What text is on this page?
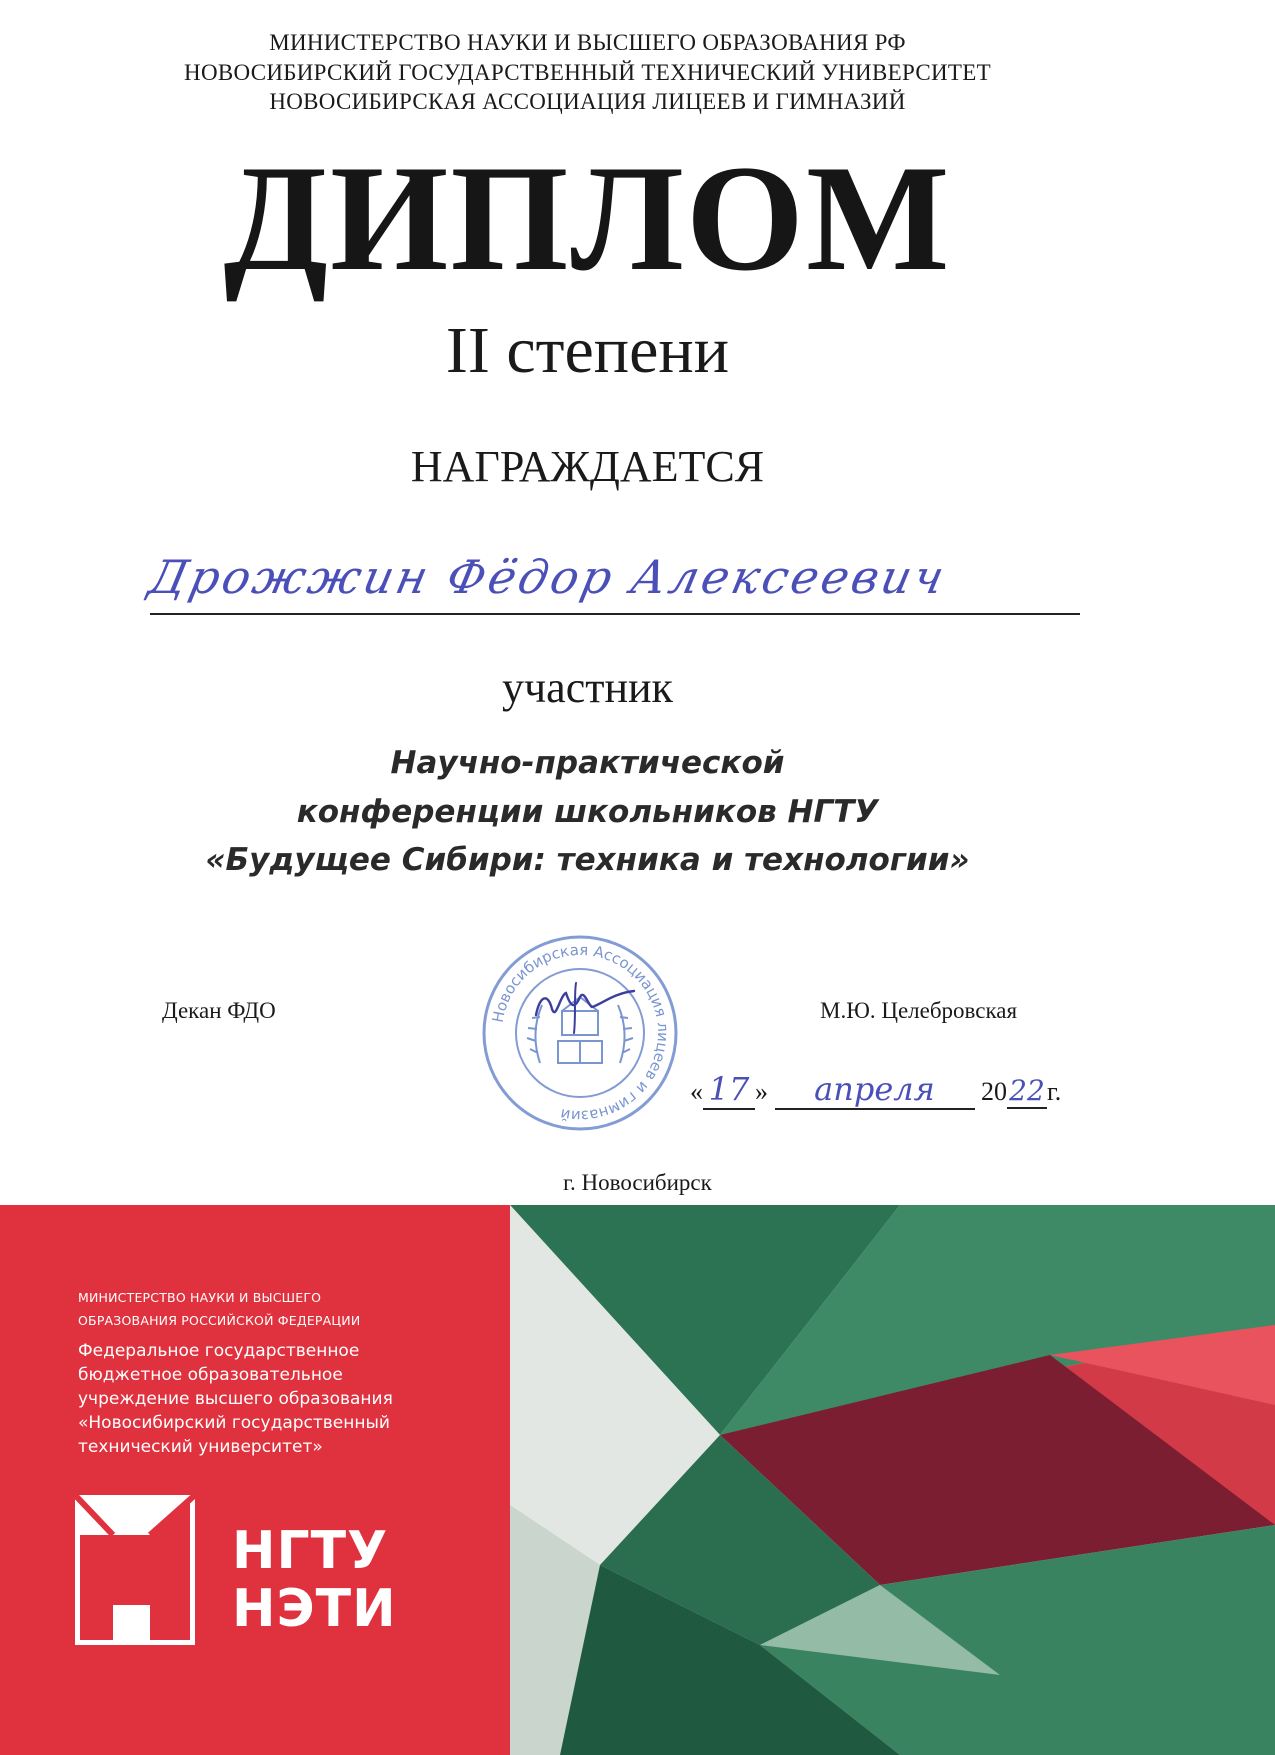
МИНИСТЕРСТВО НАУКИ И ВЫСШЕГО ОБРАЗОВАНИЯ РФ
НОВОСИБИРСКИЙ ГОСУДАРСТВЕННЫЙ ТЕХНИЧЕСКИЙ УНИВЕРСИТЕТ
НОВОСИБИРСКАЯ АССОЦИАЦИЯ ЛИЦЕЕВ И ГИМНАЗИЙ
ДИПЛОМ
II степени
НАГРАЖДАЕТСЯ
Дрожжин Фёдор Алексеевич
участник
Научно-практической
конференции школьников НГТУ
«Будущее Сибири: техника и технологии»
Декан ФДО	М.Ю. Целебровская
Новосибирская Ассоциация лицеев и гимназий
« 17 » апреля 2022г.
г. Новосибирск
МИНИСТЕРСТВО НАУКИ И ВЫСШЕГО
ОБРАЗОВАНИЯ РОССИЙСКОЙ ФЕДЕРАЦИИ
Федеральное государственное
бюджетное образовательное
учреждение высшего образования
«Новосибирский государственный
технический университет»
НГТУ
НЭТИ
